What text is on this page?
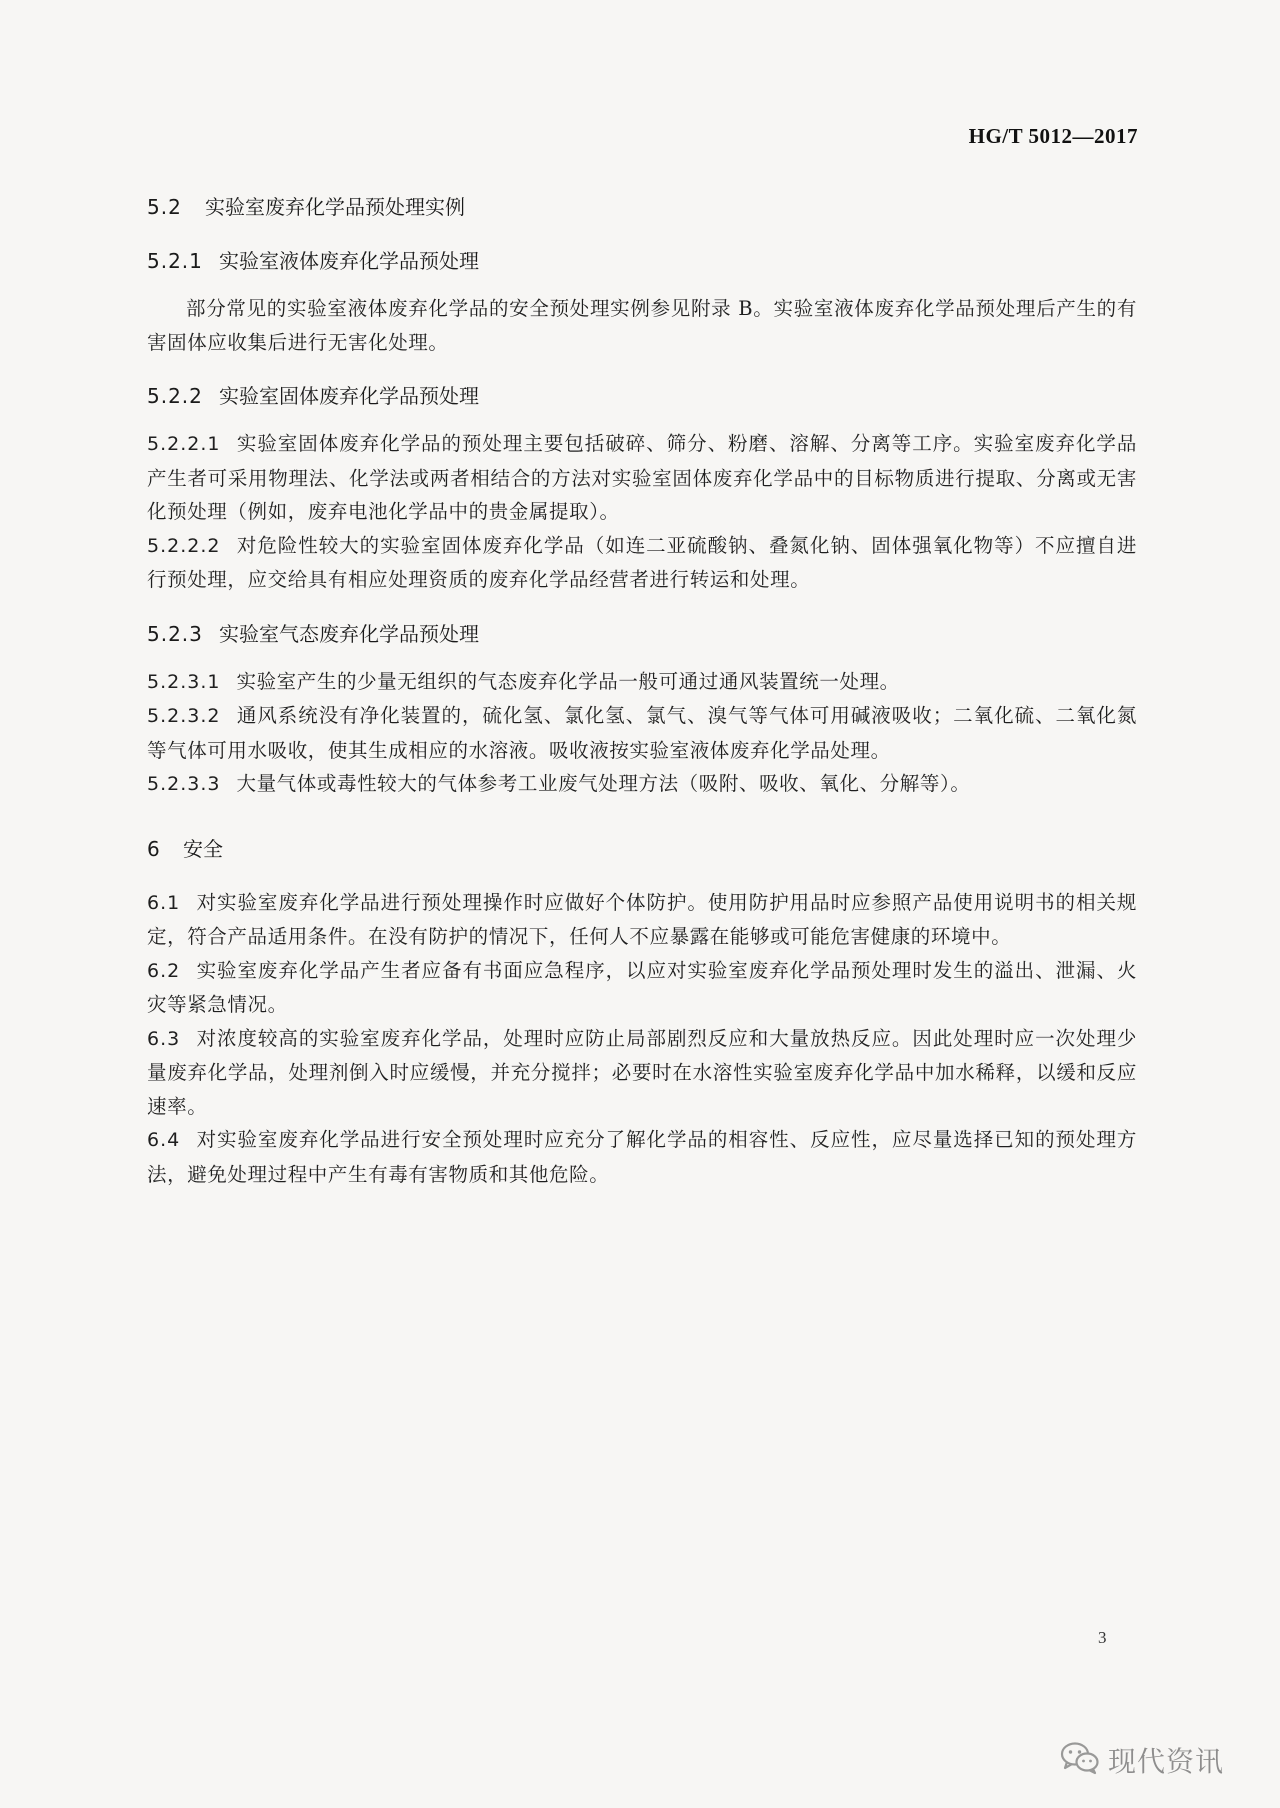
HG/T 5012—2017
5.2 实验室废弃化学品预处理实例
5.2.1 实验室液体废弃化学品预处理
部分常见的实验室液体废弃化学品的安全预处理实例参见附录 B。实验室液体废弃化学品预处理后产生的有害固体应收集后进行无害化处理。
5.2.2 实验室固体废弃化学品预处理
5.2.2.1 实验室固体废弃化学品的预处理主要包括破碎、筛分、粉磨、溶解、分离等工序。实验室废弃化学品产生者可采用物理法、化学法或两者相结合的方法对实验室固体废弃化学品中的目标物质进行提取、分离或无害化预处理（例如，废弃电池化学品中的贵金属提取）。
5.2.2.2 对危险性较大的实验室固体废弃化学品（如连二亚硫酸钠、叠氮化钠、固体强氧化物等）不应擅自进行预处理，应交给具有相应处理资质的废弃化学品经营者进行转运和处理。
5.2.3 实验室气态废弃化学品预处理
5.2.3.1 实验室产生的少量无组织的气态废弃化学品一般可通过通风装置统一处理。
5.2.3.2 通风系统没有净化装置的，硫化氢、氯化氢、氯气、溴气等气体可用碱液吸收；二氧化硫、二氧化氮等气体可用水吸收，使其生成相应的水溶液。吸收液按实验室液体废弃化学品处理。
5.2.3.3 大量气体或毒性较大的气体参考工业废气处理方法（吸附、吸收、氧化、分解等）。
6 安全
6.1 对实验室废弃化学品进行预处理操作时应做好个体防护。使用防护用品时应参照产品使用说明书的相关规定，符合产品适用条件。在没有防护的情况下，任何人不应暴露在能够或可能危害健康的环境中。
6.2 实验室废弃化学品产生者应备有书面应急程序，以应对实验室废弃化学品预处理时发生的溢出、泄漏、火灾等紧急情况。
6.3 对浓度较高的实验室废弃化学品，处理时应防止局部剧烈反应和大量放热反应。因此处理时应一次处理少量废弃化学品，处理剂倒入时应缓慢，并充分搅拌；必要时在水溶性实验室废弃化学品中加水稀释，以缓和反应速率。
6.4 对实验室废弃化学品进行安全预处理时应充分了解化学品的相容性、反应性，应尽量选择已知的预处理方法，避免处理过程中产生有毒有害物质和其他危险。
3
现代资讯
